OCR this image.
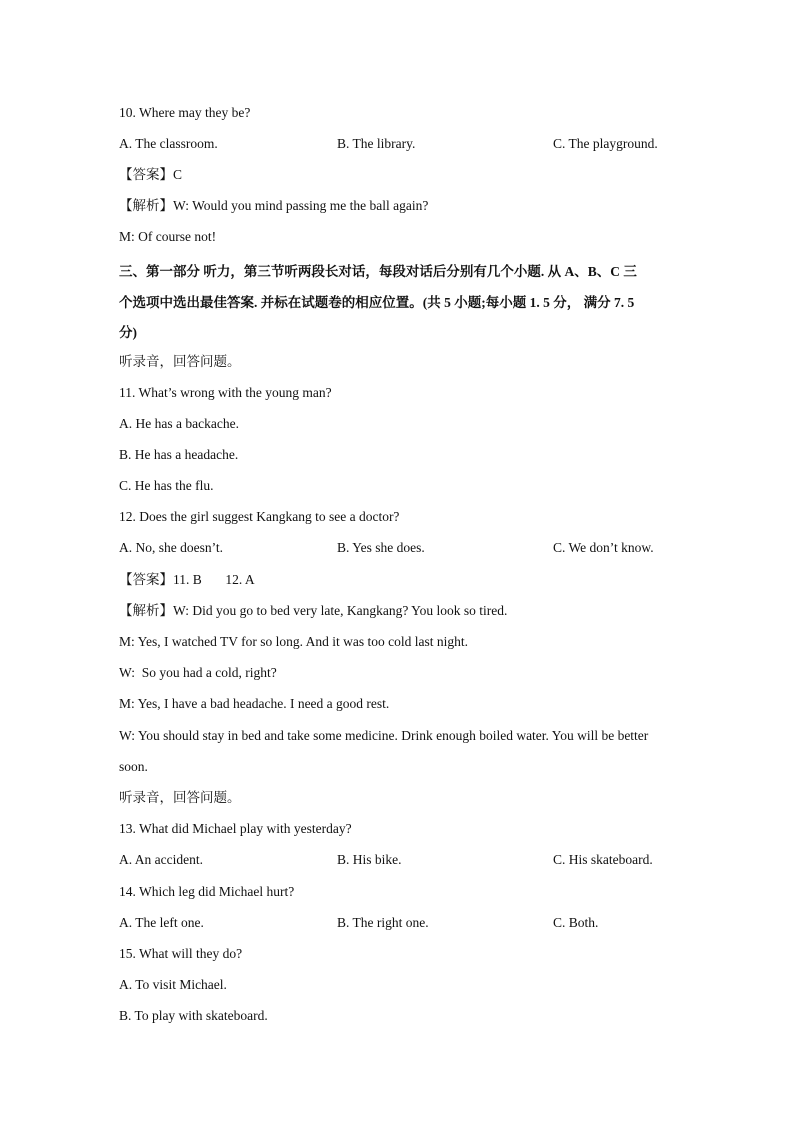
10. Where may they be?
A. The classroom.	B. The library.	C. The playground.
【答案】C
【解析】W: Would you mind passing me the ball again?
M: Of course not!
三、第一部分 听力，第三节听两段长对话，每段对话后分别有几个小题. 从 A、B、C 三
个选项中选出最佳答案. 并标在试题卷的相应位置。(共 5 小题;每小题 1. 5 分， 满分 7. 5
分)
听录音，回答问题。
11. What’s wrong with the young man?
A. He has a backache.
B. He has a headache.
C. He has the flu.
12. Does the girl suggest Kangkang to see a doctor?
A. No, she doesn’t.	B. Yes she does.	C. We don’t know.
【答案】11. B       12. A
【解析】W: Did you go to bed very late, Kangkang? You look so tired.
M: Yes, I watched TV for so long. And it was too cold last night.
W:  So you had a cold, right?
M: Yes, I have a bad headache. I need a good rest.
W: You should stay in bed and take some medicine. Drink enough boiled water. You will be better
soon.
听录音，回答问题。
13. What did Michael play with yesterday?
A. An accident.	B. His bike.	C. His skateboard.
14. Which leg did Michael hurt?
A. The left one.	B. The right one.	C. Both.
15. What will they do?
A. To visit Michael.
B. To play with skateboard.
